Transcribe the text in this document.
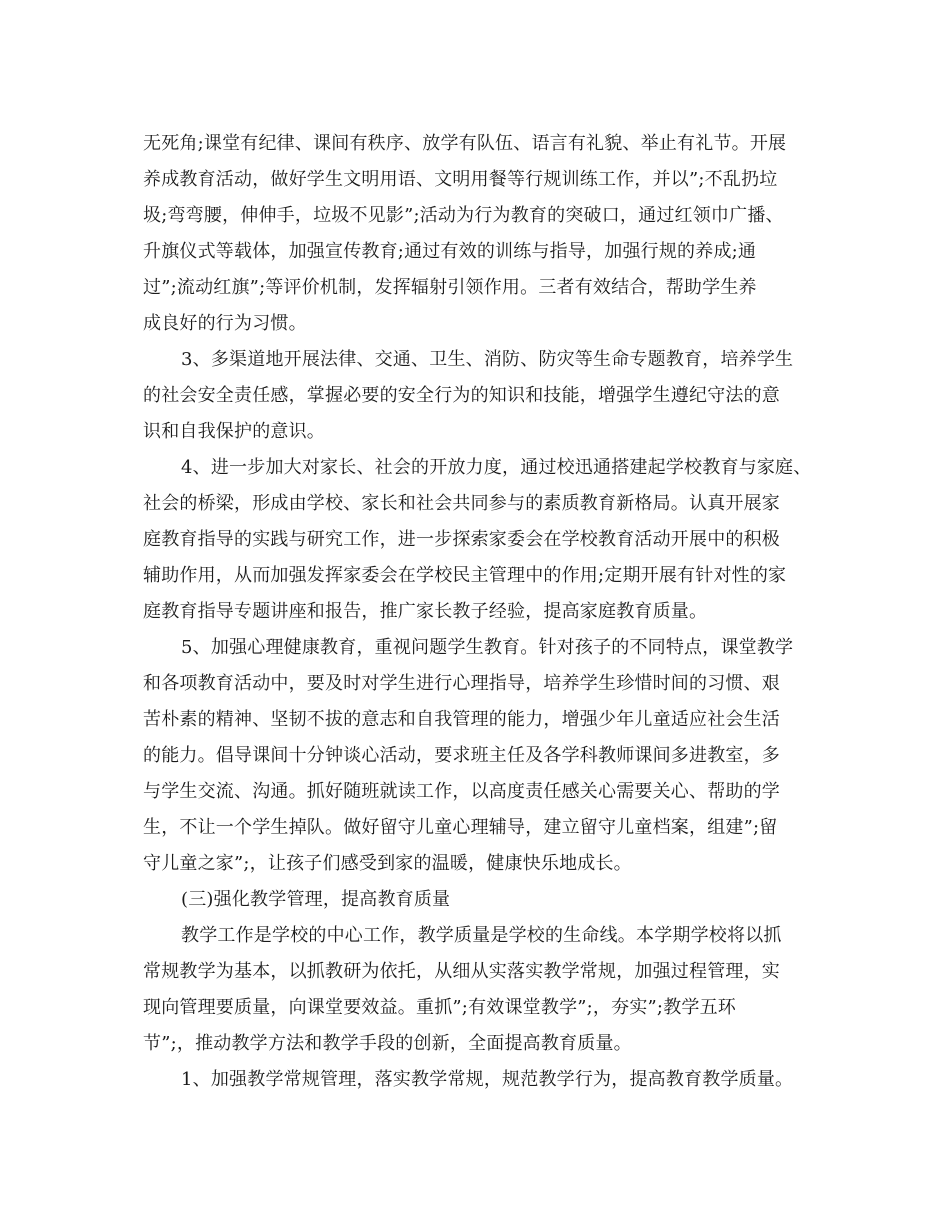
无死角;课堂有纪律、课间有秩序、放学有队伍、语言有礼貌、举止有礼节。开展
养成教育活动，做好学生文明用语、文明用餐等行规训练工作，并以”;不乱扔垃
圾;弯弯腰，伸伸手，垃圾不见影”;活动为行为教育的突破口，通过红领巾广播、
升旗仪式等载体，加强宣传教育;通过有效的训练与指导，加强行规的养成;通
过”;流动红旗”;等评价机制，发挥辐射引领作用。三者有效结合，帮助学生养
成良好的行为习惯。
3、多渠道地开展法律、交通、卫生、消防、防灾等生命专题教育，培养学生
的社会安全责任感，掌握必要的安全行为的知识和技能，增强学生遵纪守法的意
识和自我保护的意识。
4、进一步加大对家长、社会的开放力度，通过校迅通搭建起学校教育与家庭、
社会的桥梁，形成由学校、家长和社会共同参与的素质教育新格局。认真开展家
庭教育指导的实践与研究工作，进一步探索家委会在学校教育活动开展中的积极
辅助作用，从而加强发挥家委会在学校民主管理中的作用;定期开展有针对性的家
庭教育指导专题讲座和报告，推广家长教子经验，提高家庭教育质量。
5、加强心理健康教育，重视问题学生教育。针对孩子的不同特点，课堂教学
和各项教育活动中，要及时对学生进行心理指导，培养学生珍惜时间的习惯、艰
苦朴素的精神、坚韧不拔的意志和自我管理的能力，增强少年儿童适应社会生活
的能力。倡导课间十分钟谈心活动，要求班主任及各学科教师课间多进教室，多
与学生交流、沟通。抓好随班就读工作，以高度责任感关心需要关心、帮助的学
生，不让一个学生掉队。做好留守儿童心理辅导，建立留守儿童档案，组建”;留
守儿童之家”;，让孩子们感受到家的温暖，健康快乐地成长。
(三)强化教学管理，提高教育质量
教学工作是学校的中心工作，教学质量是学校的生命线。本学期学校将以抓
常规教学为基本，以抓教研为依托，从细从实落实教学常规，加强过程管理，实
现向管理要质量，向课堂要效益。重抓”;有效课堂教学”;，夯实”;教学五环
节”;，推动教学方法和教学手段的创新，全面提高教育质量。
1、加强教学常规管理，落实教学常规，规范教学行为，提高教育教学质量。
